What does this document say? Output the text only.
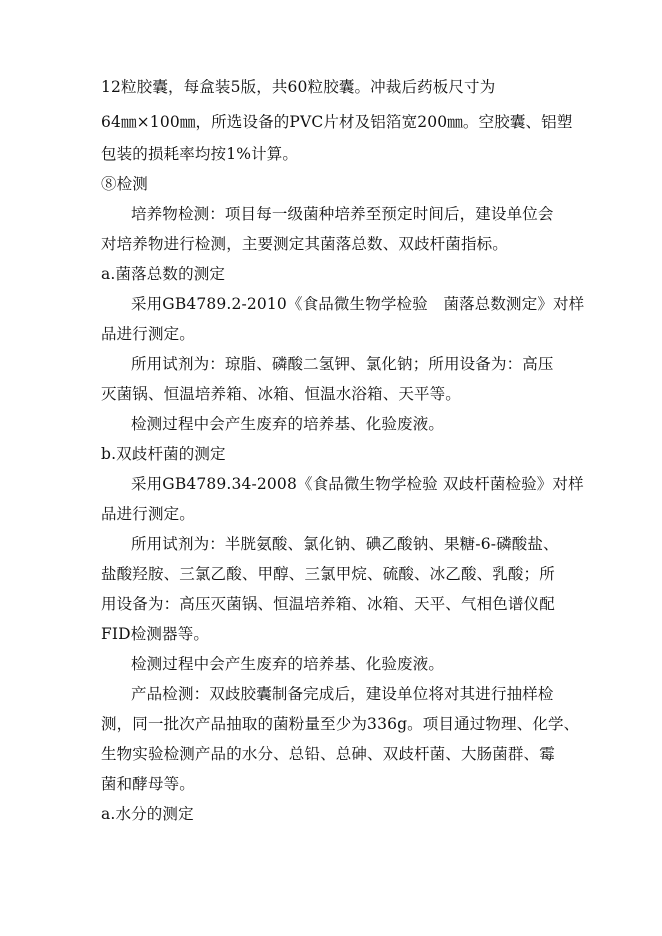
12粒胶囊，每盒装5版，共60粒胶囊。冲裁后药板尺寸为
64㎜×100㎜，所选设备的PVC片材及铝箔宽200㎜。空胶囊、铝塑
包装的损耗率均按1%计算。
⑧检测
培养物检测：项目每一级菌种培养至预定时间后，建设单位会
对培养物进行检测，主要测定其菌落总数、双歧杆菌指标。
a.菌落总数的测定
采用GB4789.2-2010《食品微生物学检验　菌落总数测定》对样
品进行测定。
所用试剂为：琼脂、磷酸二氢钾、氯化钠；所用设备为：高压
灭菌锅、恒温培养箱、冰箱、恒温水浴箱、天平等。
检测过程中会产生废弃的培养基、化验废液。
b.双歧杆菌的测定
采用GB4789.34-2008《食品微生物学检验 双歧杆菌检验》对样
品进行测定。
所用试剂为：半胱氨酸、氯化钠、碘乙酸钠、果糖-6-磷酸盐、
盐酸羟胺、三氯乙酸、甲醇、三氯甲烷、硫酸、冰乙酸、乳酸；所
用设备为：高压灭菌锅、恒温培养箱、冰箱、天平、气相色谱仪配
FID检测器等。
检测过程中会产生废弃的培养基、化验废液。
产品检测：双歧胶囊制备完成后，建设单位将对其进行抽样检
测，同一批次产品抽取的菌粉量至少为336g。项目通过物理、化学、
生物实验检测产品的水分、总铅、总砷、双歧杆菌、大肠菌群、霉
菌和酵母等。
a.水分的测定
